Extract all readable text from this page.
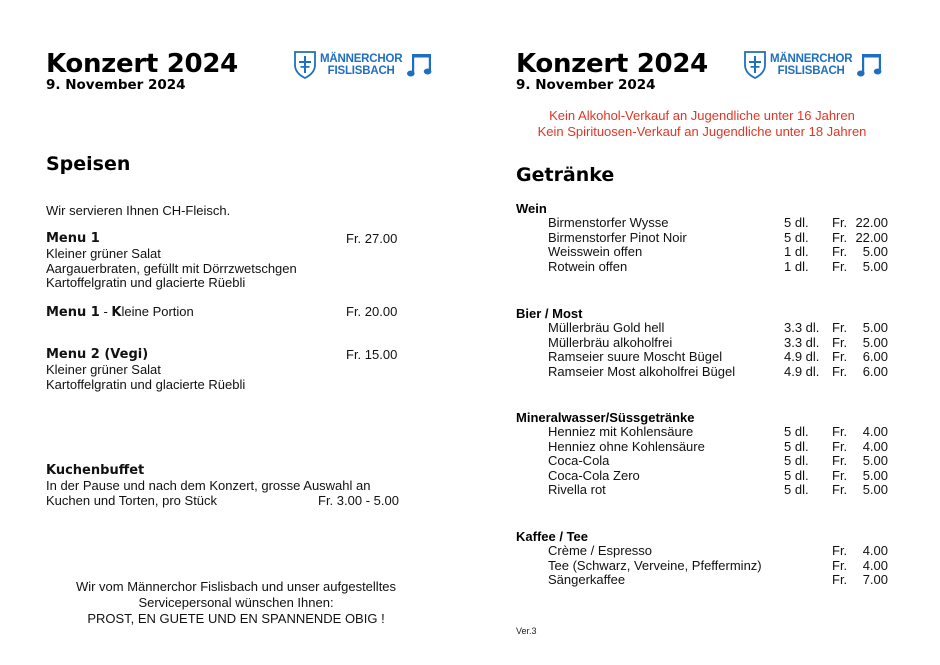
Konzert 2024
9. November 2024
MÄNNERCHOR
FISLISBACH
Speisen
Wir servieren Ihnen CH-Fleisch.
Menu 1	Fr. 27.00
Kleiner grüner Salat
Aargauerbraten, gefüllt mit Dörrzwetschgen
Kartoffelgratin und glacierte Rüebli
Menu 1 - Kleine Portion	Fr. 20.00
Menu 2 (Vegi)	Fr. 15.00
Kleiner grüner Salat
Kartoffelgratin und glacierte Rüebli
Kuchenbuffet
In der Pause und nach dem Konzert, grosse Auswahl an
Kuchen und Torten, pro Stück	Fr. 3.00 - 5.00
Wir vom Männerchor Fislisbach und unser aufgestelltes
Servicepersonal wünschen Ihnen:
PROST, EN GUETE UND EN SPANNENDE OBIG !
Konzert 2024
9. November 2024
MÄNNERCHOR
FISLISBACH
Kein Alkohol-Verkauf an Jugendliche unter 16 Jahren
Kein Spirituosen-Verkauf an Jugendliche unter 18 Jahren
Getränke
Wein
Birmenstorfer Wysse	5 dl. Fr. 22.00
Birmenstorfer Pinot Noir	5 dl. Fr. 22.00
Weisswein offen	1 dl. Fr.	5.00
Rotwein offen	1 dl. Fr.	5.00
Bier / Most
Müllerbräu Gold hell	3.3 dl. Fr.	5.00
Müllerbräu alkoholfrei	3.3 dl. Fr.	5.00
Ramseier suure Moscht Bügel	4.9 dl. Fr.	6.00
Ramseier Most alkoholfrei Bügel	4.9 dl. Fr.	6.00
Mineralwasser/Süssgetränke
Henniez mit Kohlensäure	5 dl. Fr.	4.00
Henniez ohne Kohlensäure	5 dl. Fr.	4.00
Coca-Cola	5 dl. Fr.	5.00
Coca-Cola Zero	5 dl. Fr.	5.00
Rivella rot	5 dl. Fr.	5.00
Kaffee / Tee
Crème / Espresso	Fr.	4.00
Tee (Schwarz, Verveine, Pfefferminz)	Fr.	4.00
Sängerkaffee	Fr.	7.00
Ver.3
